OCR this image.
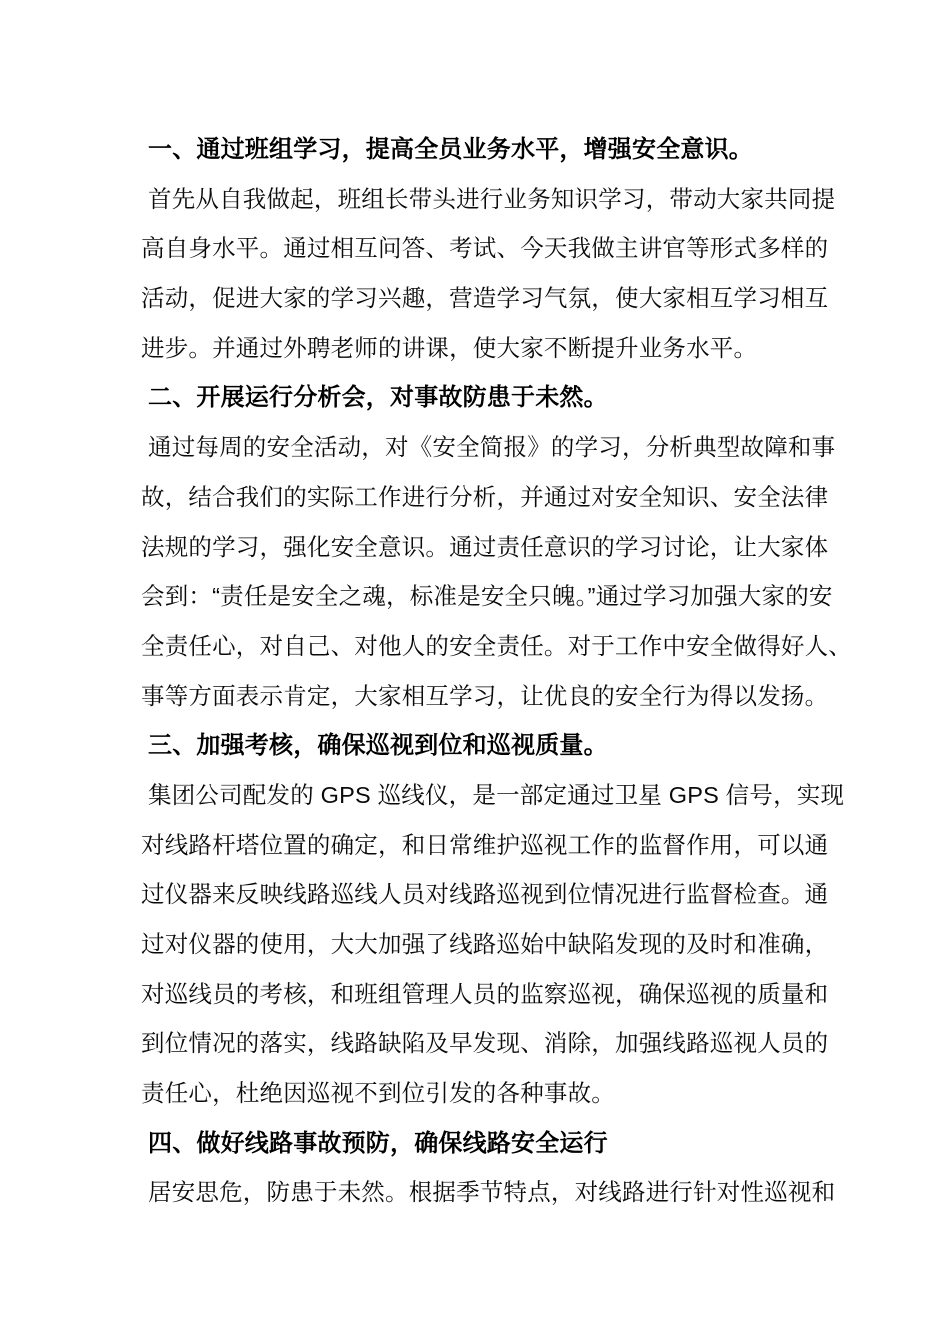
一、通过班组学习，提高全员业务水平，增强安全意识。
首先从自我做起，班组长带头进行业务知识学习，带动大家共同提
高自身水平。通过相互问答、考试、今天我做主讲官等形式多样的
活动，促进大家的学习兴趣，营造学习气氛，使大家相互学习相互
进步。并通过外聘老师的讲课，使大家不断提升业务水平。
二、开展运行分析会，对事故防患于未然。
通过每周的安全活动，对《安全简报》的学习，分析典型故障和事
故，结合我们的实际工作进行分析，并通过对安全知识、安全法律
法规的学习，强化安全意识。通过责任意识的学习讨论，让大家体
会到：“责任是安全之魂，标准是安全只魄。”通过学习加强大家的安
全责任心，对自己、对他人的安全责任。对于工作中安全做得好人、
事等方面表示肯定，大家相互学习，让优良的安全行为得以发扬。
三、加强考核，确保巡视到位和巡视质量。
集团公司配发的 GPS 巡线仪，是一部定通过卫星 GPS 信号，实现
对线路杆塔位置的确定，和日常维护巡视工作的监督作用，可以通
过仪器来反映线路巡线人员对线路巡视到位情况进行监督检查。通
过对仪器的使用，大大加强了线路巡始中缺陷发现的及时和准确，
对巡线员的考核，和班组管理人员的监察巡视，确保巡视的质量和
到位情况的落实，线路缺陷及早发现、消除，加强线路巡视人员的
责任心，杜绝因巡视不到位引发的各种事故。
四、做好线路事故预防，确保线路安全运行
居安思危，防患于未然。根据季节特点，对线路进行针对性巡视和
